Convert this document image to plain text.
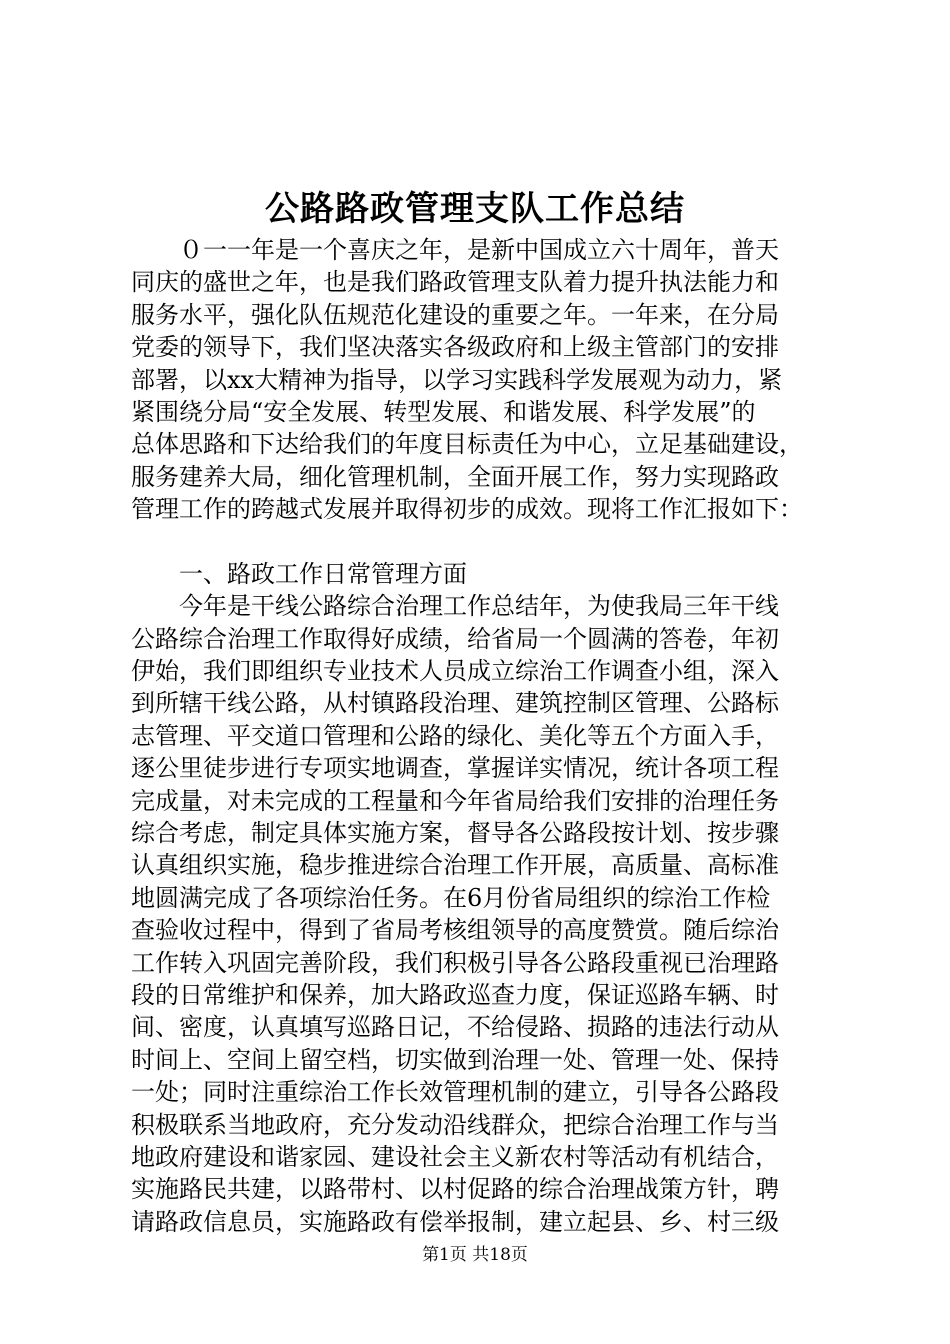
公路路政管理支队工作总结
０一一年是一个喜庆之年，是新中国成立六十周年，普天
同庆的盛世之年，也是我们路政管理支队着力提升执法能力和
服务水平，强化队伍规范化建设的重要之年。一年来，在分局
党委的领导下，我们坚决落实各级政府和上级主管部门的安排
部署，以xx大精神为指导，以学习实践科学发展观为动力，紧
紧围绕分局“安全发展、转型发展、和谐发展、科学发展”的
总体思路和下达给我们的年度目标责任为中心，立足基础建设，
服务建养大局，细化管理机制，全面开展工作，努力实现路政
管理工作的跨越式发展并取得初步的成效。现将工作汇报如下：
一、路政工作日常管理方面
今年是干线公路综合治理工作总结年，为使我局三年干线
公路综合治理工作取得好成绩，给省局一个圆满的答卷，年初
伊始，我们即组织专业技术人员成立综治工作调查小组，深入
到所辖干线公路，从村镇路段治理、建筑控制区管理、公路标
志管理、平交道口管理和公路的绿化、美化等五个方面入手，
逐公里徒步进行专项实地调查，掌握详实情况，统计各项工程
完成量，对未完成的工程量和今年省局给我们安排的治理任务
综合考虑，制定具体实施方案，督导各公路段按计划、按步骤
认真组织实施，稳步推进综合治理工作开展，高质量、高标准
地圆满完成了各项综治任务。在6月份省局组织的综治工作检
查验收过程中，得到了省局考核组领导的高度赞赏。随后综治
工作转入巩固完善阶段，我们积极引导各公路段重视已治理路
段的日常维护和保养，加大路政巡查力度，保证巡路车辆、时
间、密度，认真填写巡路日记，不给侵路、损路的违法行动从
时间上、空间上留空档，切实做到治理一处、管理一处、保持
一处；同时注重综治工作长效管理机制的建立，引导各公路段
积极联系当地政府，充分发动沿线群众，把综合治理工作与当
地政府建设和谐家园、建设社会主义新农村等活动有机结合，
实施路民共建，以路带村、以村促路的综合治理战策方针，聘
请路政信息员，实施路政有偿举报制，建立起县、乡、村三级
第1页 共18页
